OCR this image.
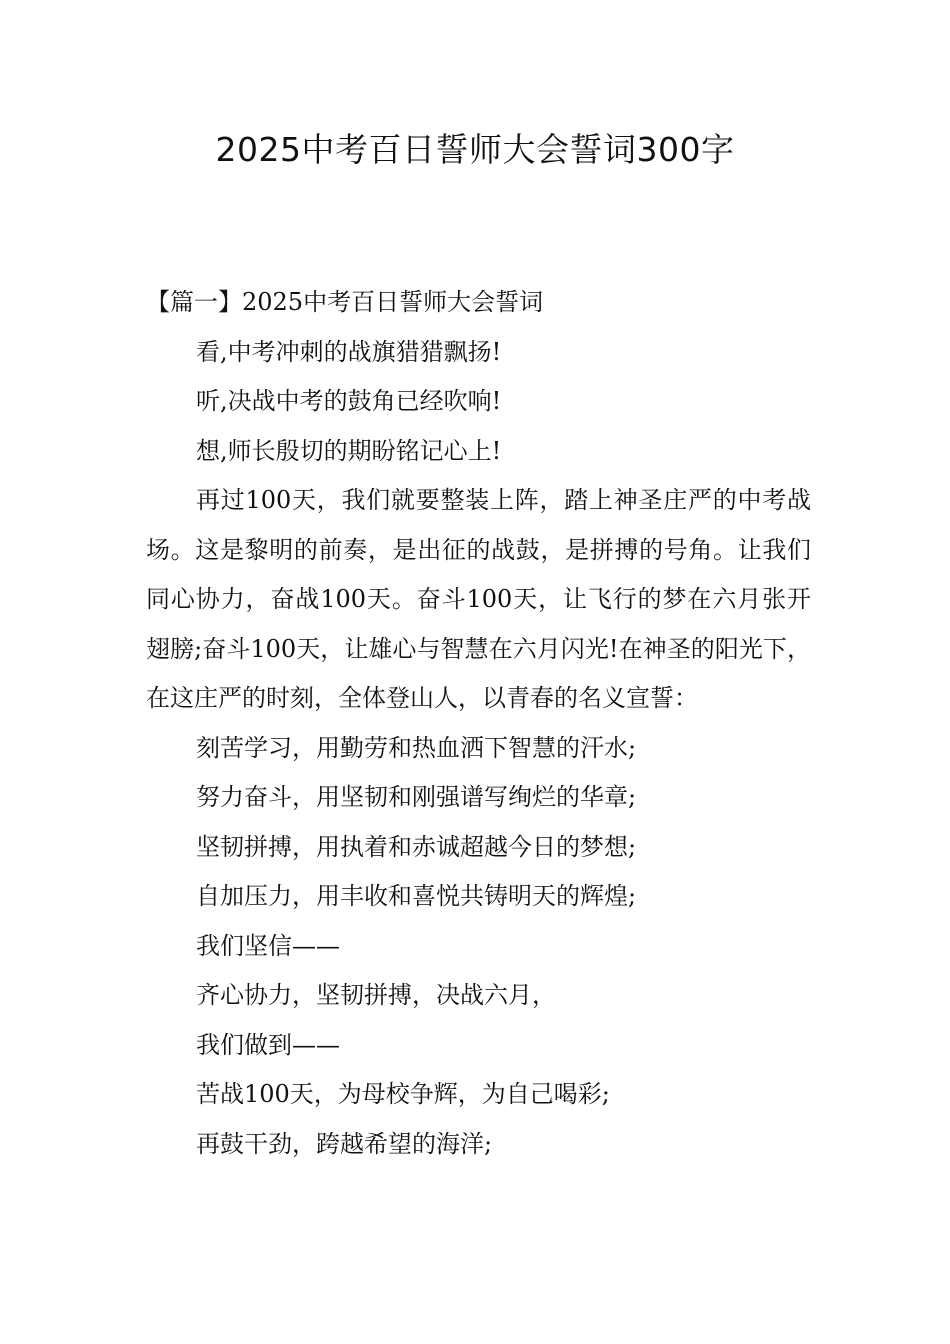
2025中考百日誓师大会誓词300字

【篇一】2025中考百日誓师大会誓词

看,中考冲刺的战旗猎猎飘扬!

听,决战中考的鼓角已经吹响!

想,师长殷切的期盼铭记心上!

再过100天，我们就要整装上阵，踏上神圣庄严的中考战场。这是黎明的前奏，是出征的战鼓，是拼搏的号角。让我们同心协力，奋战100天。奋斗100天，让飞行的梦在六月张开翅膀;奋斗100天，让雄心与智慧在六月闪光!在神圣的阳光下，在这庄严的时刻，全体登山人，以青春的名义宣誓：

刻苦学习，用勤劳和热血洒下智慧的汗水;

努力奋斗，用坚韧和刚强谱写绚烂的华章;

坚韧拼搏，用执着和赤诚超越今日的梦想;

自加压力，用丰收和喜悦共铸明天的辉煌;

我们坚信——

齐心协力，坚韧拼搏，决战六月，

我们做到——

苦战100天，为母校争辉，为自己喝彩;

再鼓干劲，跨越希望的海洋;
